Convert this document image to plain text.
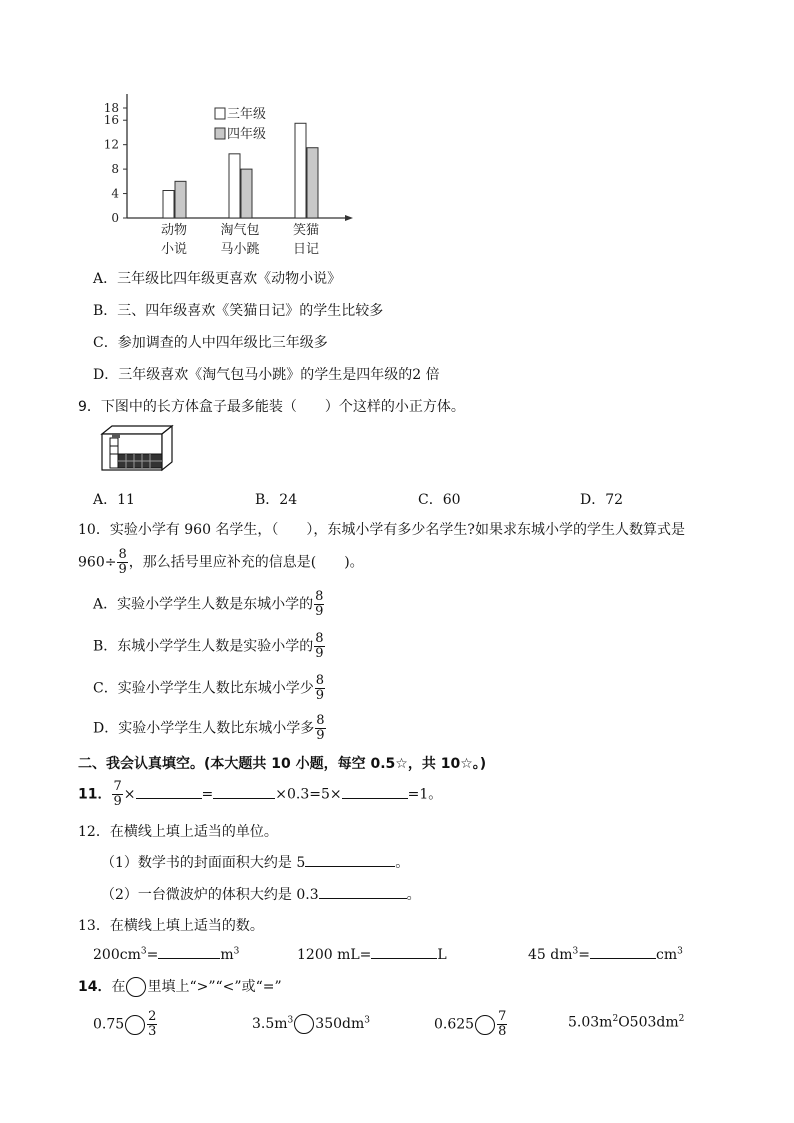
0
4
8
12
16
18
动物
小说
淘气包
马小跳
笑猫
日记
三年级
四年级
A．三年级比四年级更喜欢《动物小说》
B．三、四年级喜欢《笑猫日记》的学生比较多
C．参加调查的人中四年级比三年级多
D．三年级喜欢《淘气包马小跳》的学生是四年级的2 倍
9．下图中的长方体盒子最多能装（　　）个这样的小正方体。
A．11	B．24	C．60	D．72
10．实验小学有 960 名学生，（　　），东城小学有多少名学生?如果求东城小学的学生人数算式是
$960\div \frac{8}{9}$ ，那么括号里应补充的信息是(　　)。
A．实验小学学生人数是东城小学的 $\frac{8}{9}$
B．东城小学学生人数是实验小学的 $\frac{8}{9}$
C．实验小学学生人数比东城小学少 $\frac{8}{9}$
D．实验小学学生人数比东城小学多 $\frac{8}{9}$
二、我会认真填空。(本大题共 10 小题，每空 0.5☆，共 10☆。)
11． $\frac{7}{9}$ ×	=	×0.3=5×	=1。
12．在横线上填上适当的单位。
（1）数学书的封面面积大约是 5	。
（2）一台微波炉的体积大约是 0.3	。
13．在横线上填上适当的数。
$200cm^3=$	$m^3$	1200 mL=	L	45 $dm^3=$	$cm^3$
14．在 里填上“>”“<”或“=”
$0.75 \frac{2}{3}$	$3.5m^3$ $350dm^3$	$0.625 \frac{7}{8}$	$5.03m^2O503dm^2$
